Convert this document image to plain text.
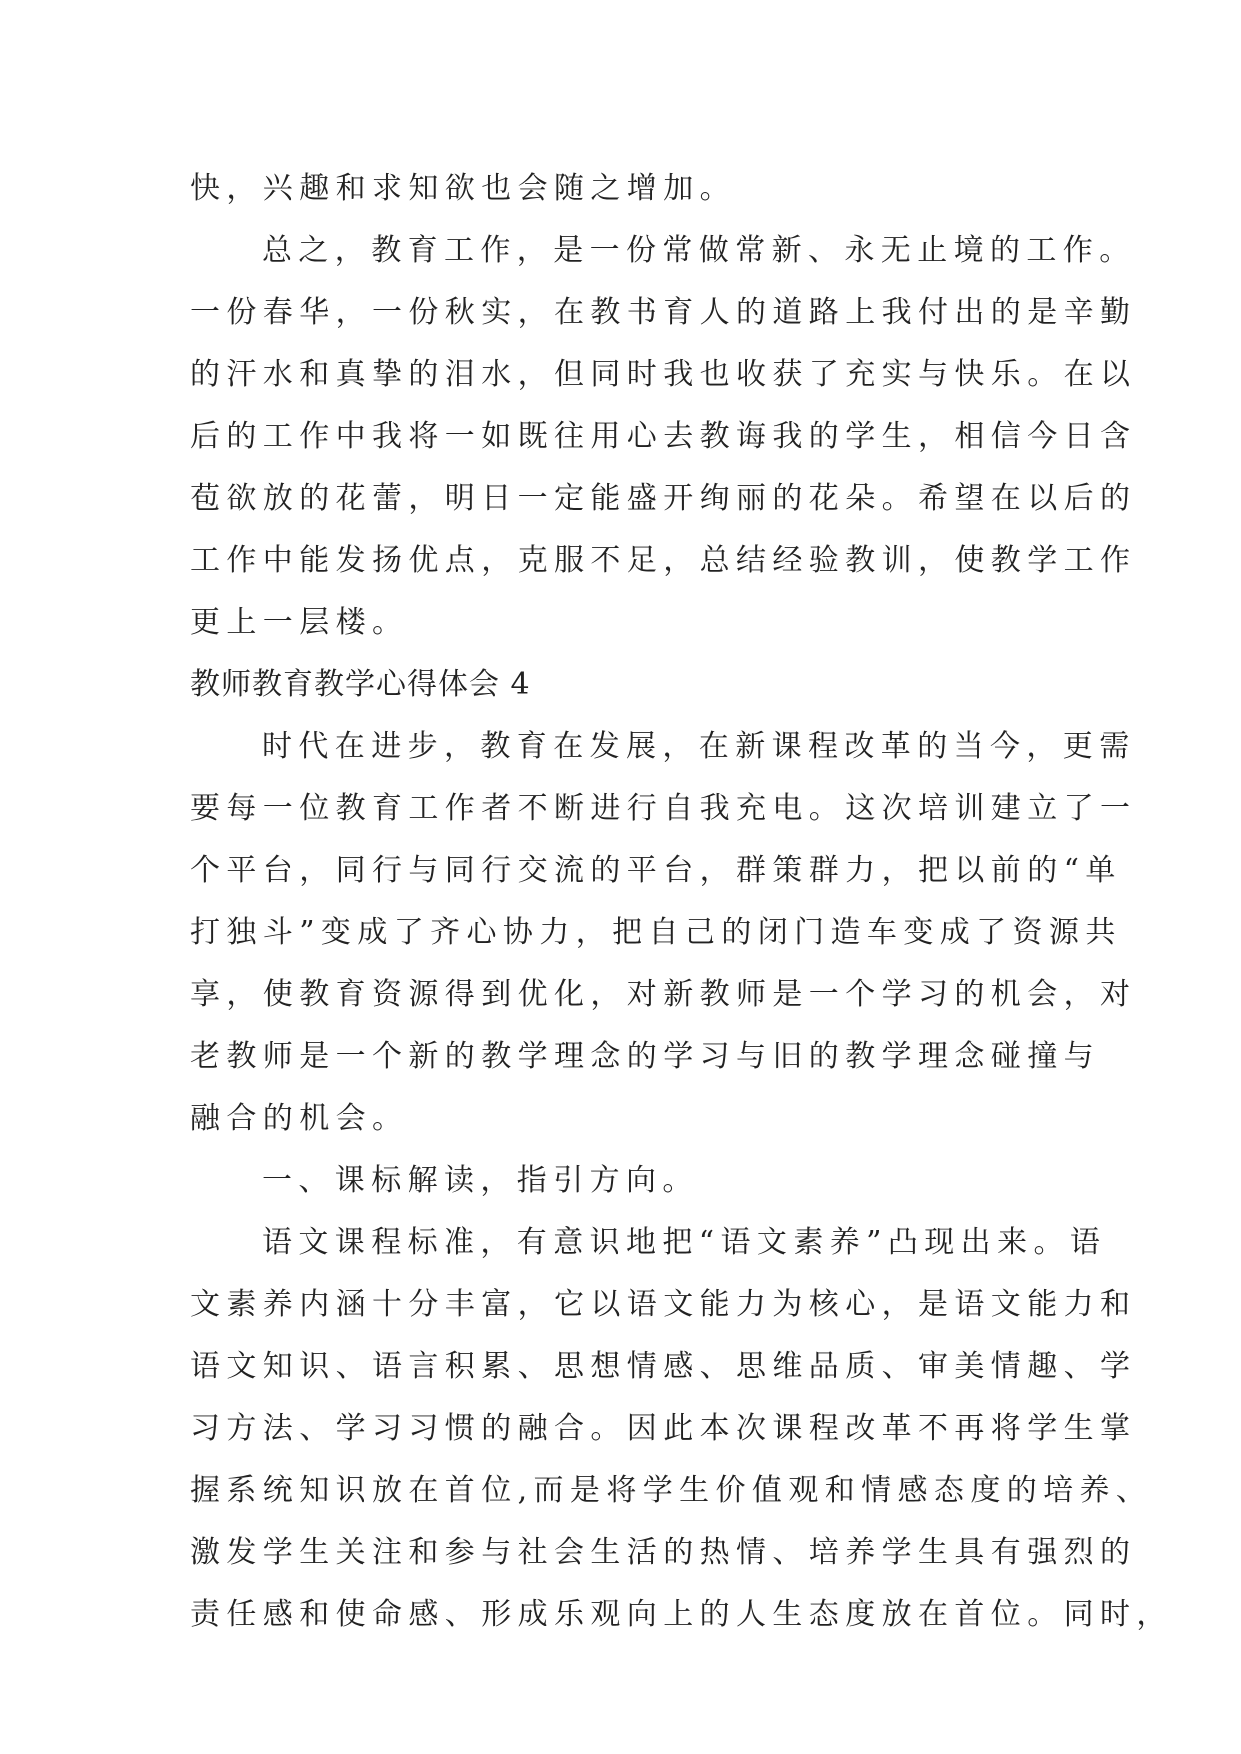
快，兴趣和求知欲也会随之增加。
总之，教育工作，是一份常做常新、永无止境的工作。
一份春华，一份秋实，在教书育人的道路上我付出的是辛勤
的汗水和真挚的泪水，但同时我也收获了充实与快乐。在以
后的工作中我将一如既往用心去教诲我的学生，相信今日含
苞欲放的花蕾，明日一定能盛开绚丽的花朵。希望在以后的
工作中能发扬优点，克服不足，总结经验教训，使教学工作
更上一层楼。
教师教育教学心得体会 4
时代在进步，教育在发展，在新课程改革的当今，更需
要每一位教育工作者不断进行自我充电。这次培训建立了一
个平台，同行与同行交流的平台，群策群力，把以前的“单
打独斗”变成了齐心协力，把自己的闭门造车变成了资源共
享，使教育资源得到优化，对新教师是一个学习的机会，对
老教师是一个新的教学理念的学习与旧的教学理念碰撞与
融合的机会。
一、课标解读，指引方向。
语文课程标准，有意识地把“语文素养”凸现出来。语
文素养内涵十分丰富，它以语文能力为核心，是语文能力和
语文知识、语言积累、思想情感、思维品质、审美情趣、学
习方法、学习习惯的融合。因此本次课程改革不再将学生掌
握系统知识放在首位,而是将学生价值观和情感态度的培养、
激发学生关注和参与社会生活的热情、培养学生具有强烈的
责任感和使命感、形成乐观向上的人生态度放在首位。同时，
